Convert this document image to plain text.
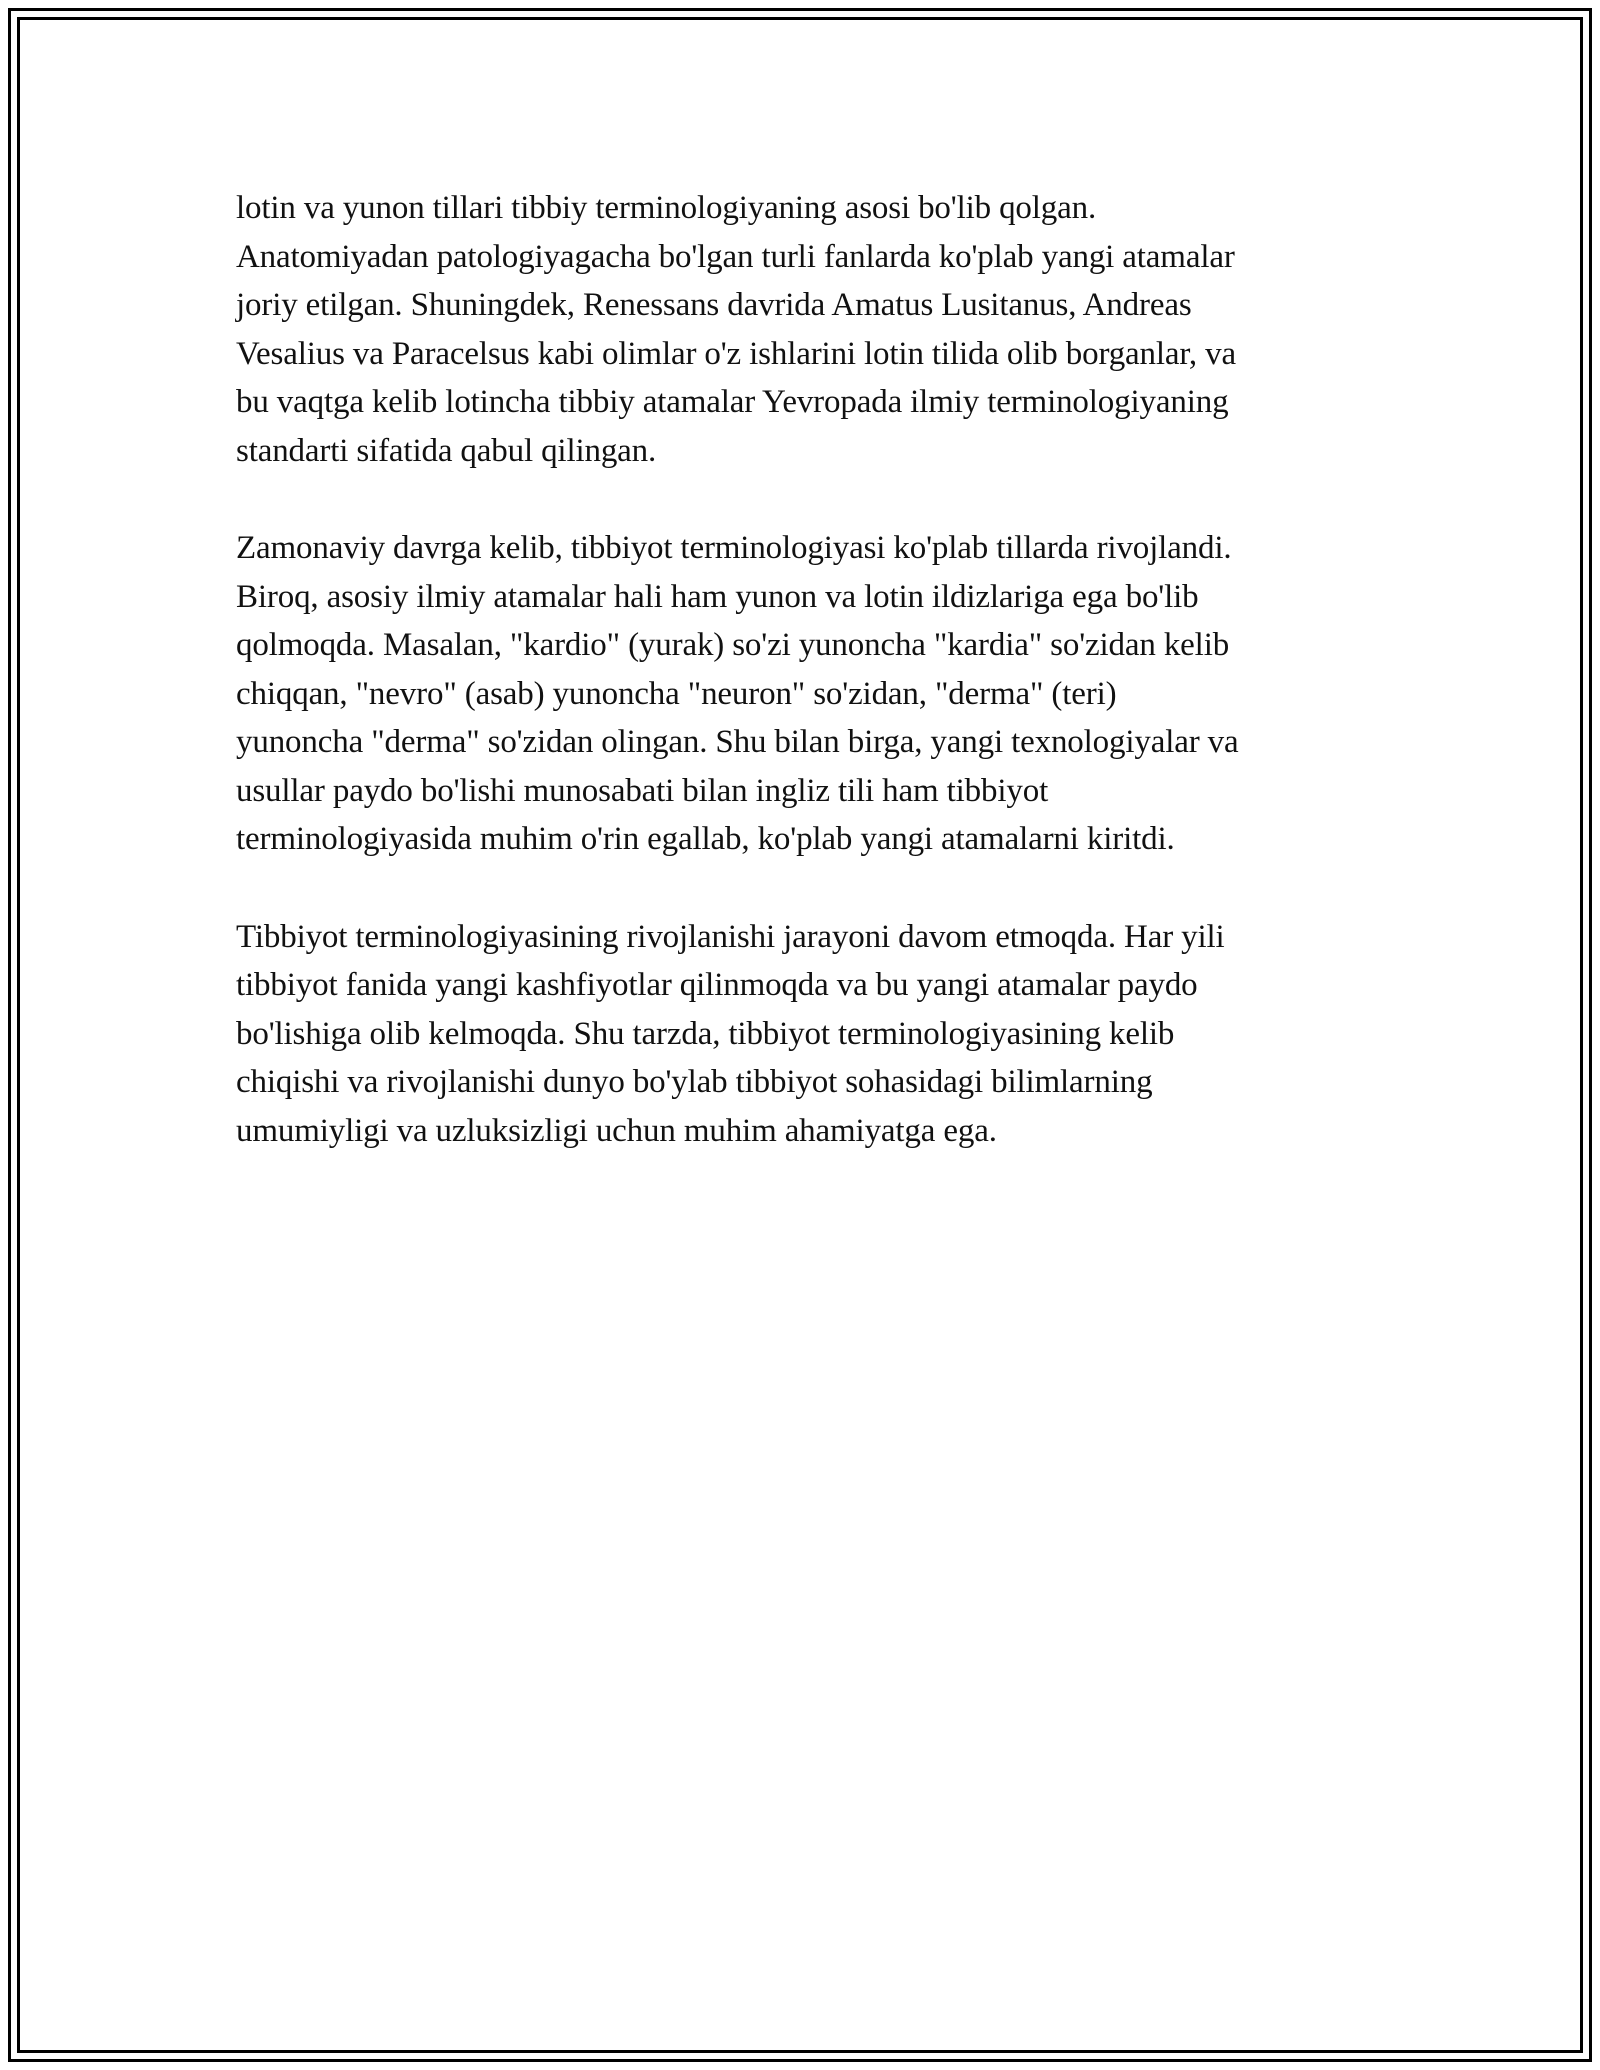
lotin va yunon tillari tibbiy terminologiyaning asosi bo'lib qolgan.
Anatomiyadan patologiyagacha bo'lgan turli fanlarda ko'plab yangi atamalar
joriy etilgan. Shuningdek, Renessans davrida Amatus Lusitanus, Andreas
Vesalius va Paracelsus kabi olimlar o'z ishlarini lotin tilida olib borganlar, va
bu vaqtga kelib lotincha tibbiy atamalar Yevropada ilmiy terminologiyaning
standarti sifatida qabul qilingan.

Zamonaviy davrga kelib, tibbiyot terminologiyasi ko'plab tillarda rivojlandi.
Biroq, asosiy ilmiy atamalar hali ham yunon va lotin ildizlariga ega bo'lib
qolmoqda. Masalan, "kardio" (yurak) so'zi yunoncha "kardia" so'zidan kelib
chiqqan, "nevro" (asab) yunoncha "neuron" so'zidan, "derma" (teri)
yunoncha "derma" so'zidan olingan. Shu bilan birga, yangi texnologiyalar va
usullar paydo bo'lishi munosabati bilan ingliz tili ham tibbiyot
terminologiyasida muhim o'rin egallab, ko'plab yangi atamalarni kiritdi.

Tibbiyot terminologiyasining rivojlanishi jarayoni davom etmoqda. Har yili
tibbiyot fanida yangi kashfiyotlar qilinmoqda va bu yangi atamalar paydo
bo'lishiga olib kelmoqda. Shu tarzda, tibbiyot terminologiyasining kelib
chiqishi va rivojlanishi dunyo bo'ylab tibbiyot sohasidagi bilimlarning
umumiyligi va uzluksizligi uchun muhim ahamiyatga ega.
